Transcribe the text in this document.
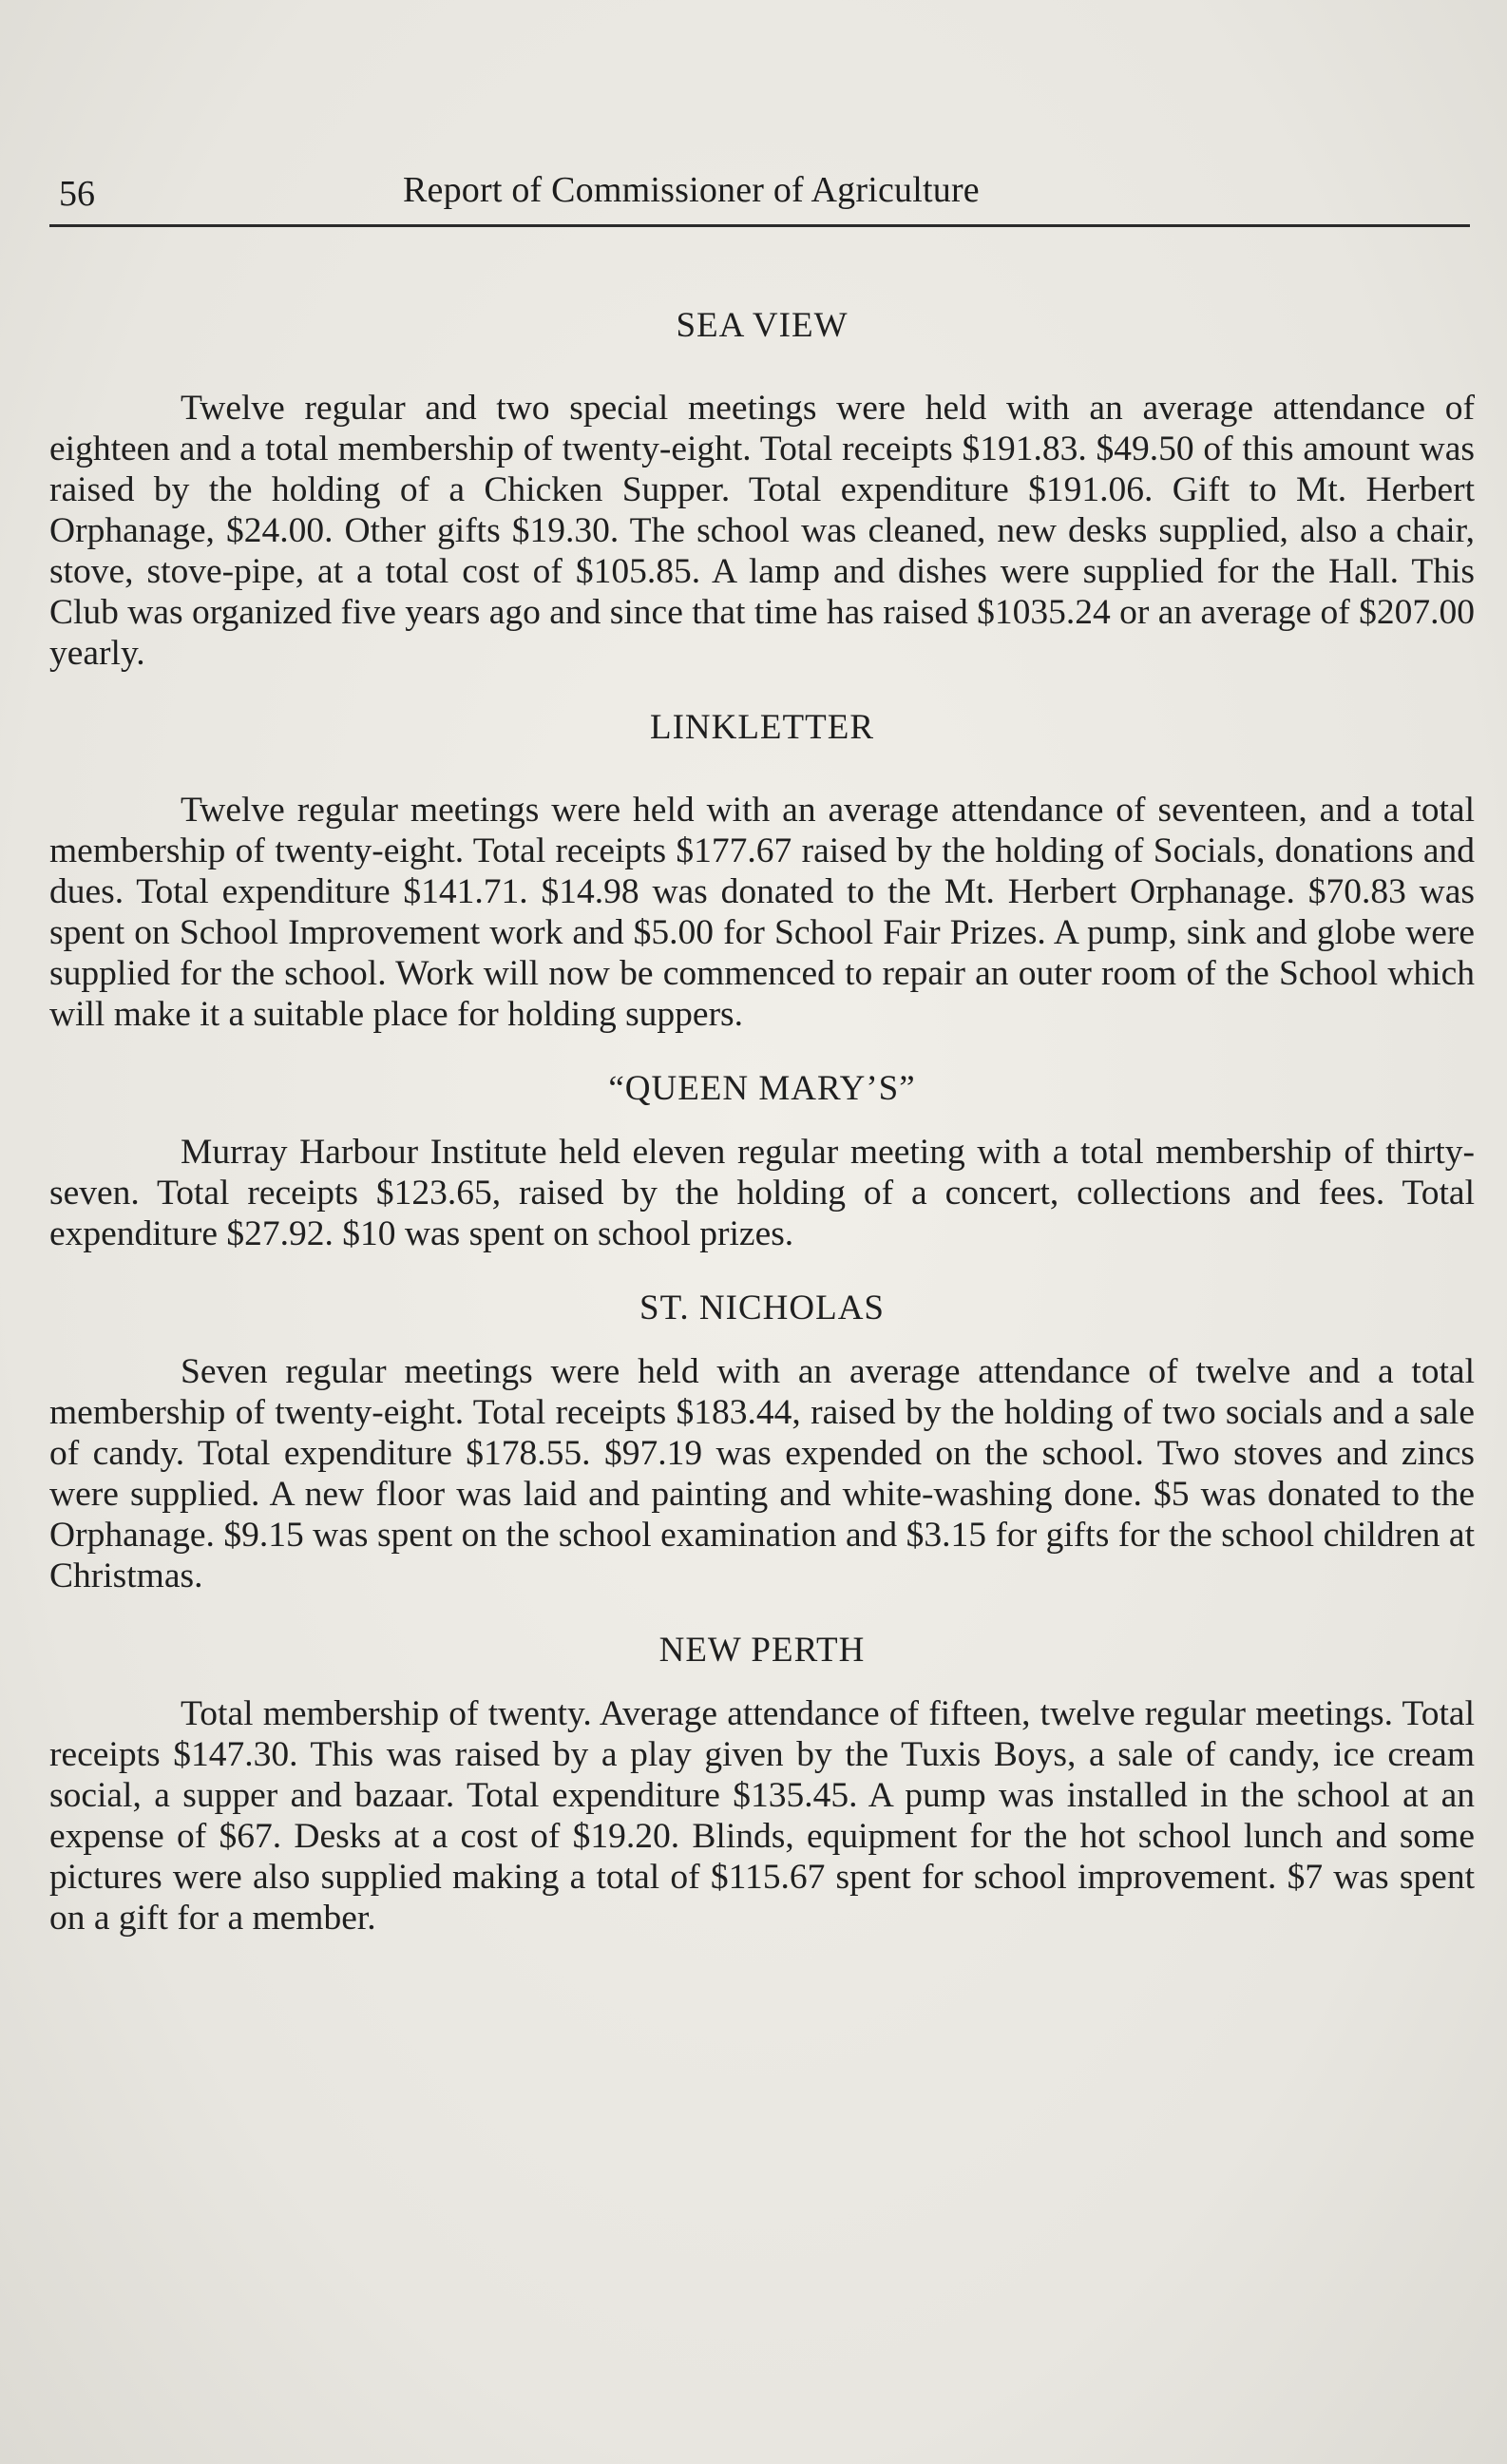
56	Report of Commissioner of Agriculture
SEA VIEW

Twelve regular and two special meetings were held with an average attendance of eighteen and a total membership of twenty-eight. Total receipts $191.83. $49.50 of this amount was raised by the holding of a Chicken Supper. Total expenditure $191.06. Gift to Mt. Herbert Orphanage, $24.00. Other gifts $19.30. The school was cleaned, new desks supplied, also a chair, stove, stove-pipe, at a total cost of $105.85. A lamp and dishes were supplied for the Hall. This Club was organized five years ago and since that time has raised $1035.24 or an average of $207.00 yearly.

LINKLETTER

Twelve regular meetings were held with an average attendance of seventeen, and a total membership of twenty-eight. Total receipts $177.67 raised by the holding of Socials, donations and dues. Total expenditure $141.71. $14.98 was donated to the Mt. Herbert Orphanage. $70.83 was spent on School Improvement work and $5.00 for School Fair Prizes. A pump, sink and globe were supplied for the school. Work will now be commenced to repair an outer room of the School which will make it a suitable place for holding suppers.

“QUEEN MARY’S”

Murray Harbour Institute held eleven regular meeting with a total membership of thirty-seven. Total receipts $123.65, raised by the holding of a concert, collections and fees. Total expenditure $27.92. $10 was spent on school prizes.

ST. NICHOLAS

Seven regular meetings were held with an average attendance of twelve and a total membership of twenty-eight. Total receipts $183.44, raised by the holding of two socials and a sale of candy. Total expenditure $178.55. $97.19 was expended on the school. Two stoves and zincs were supplied. A new floor was laid and painting and white-washing done. $5 was donated to the Orphanage. $9.15 was spent on the school examination and $3.15 for gifts for the school children at Christmas.

NEW PERTH

Total membership of twenty. Average attendance of fifteen, twelve regular meetings. Total receipts $147.30. This was raised by a play given by the Tuxis Boys, a sale of candy, ice cream social, a supper and bazaar. Total expenditure $135.45. A pump was installed in the school at an expense of $67. Desks at a cost of $19.20. Blinds, equipment for the hot school lunch and some pictures were also supplied making a total of $115.67 spent for school improvement. $7 was spent on a gift for a member.
